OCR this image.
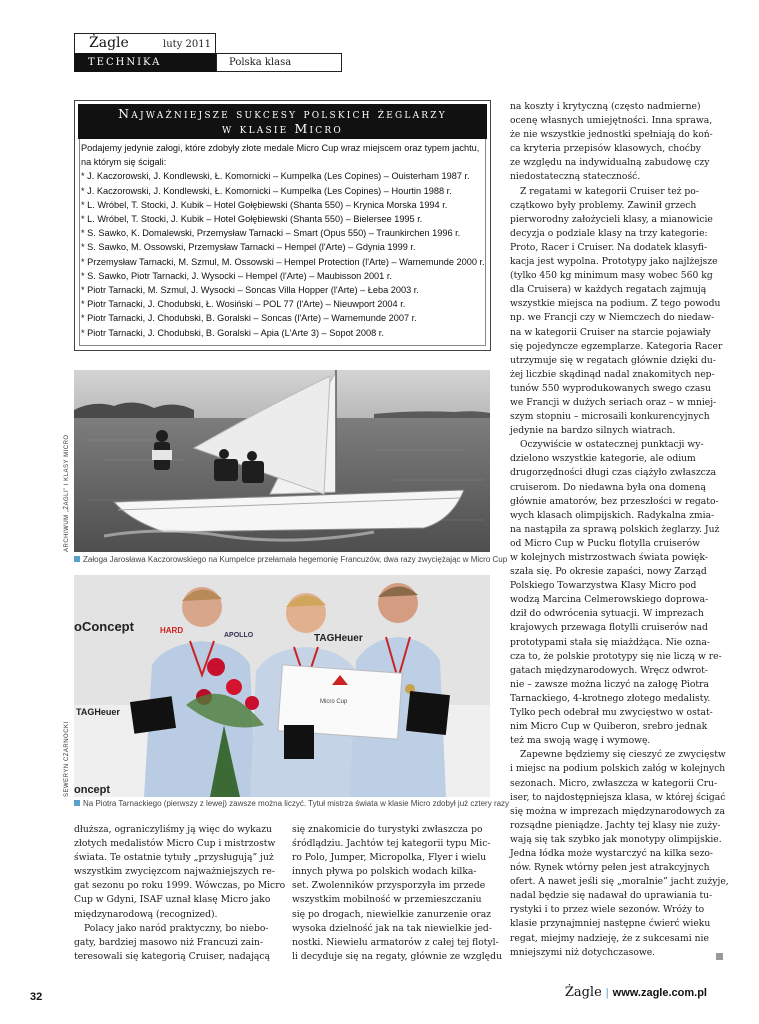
Żagle	luty 2011
TECHNIKA	Polska klasa
Najważniejsze sukcesy polskich żeglarzy
w klasie Micro
Podajemy jedynie załogi, które zdobyły złote medale Micro Cup wraz miejscem oraz typem jachtu,
na którym się ścigali:
* J. Kaczorowski, J. Kondlewski, Ł. Komornicki – Kumpelka (Les Copines) – Ouisterham 1987 r.
* J. Kaczorowski, J. Kondlewski, Ł. Komornicki – Kumpelka (Les Copines) – Hourtin 1988 r.
* L. Wróbel, T. Stocki, J. Kubik – Hotel Gołębiewski (Shanta 550) – Krynica Morska 1994 r.
* L. Wróbel, T. Stocki, J. Kubik – Hotel Gołębiewski (Shanta 550) – Bielersee 1995 r.
* S. Sawko, K. Domalewski, Przemysław Tarnacki – Smart (Opus 550) – Traunkirchen 1996 r.
* S. Sawko, M. Ossowski, Przemysław Tarnacki – Hempel (l'Arte) – Gdynia 1999 r.
* Przemysław Tarnacki, M. Szmul, M. Ossowski – Hempel Protection (l'Arte) – Warnemunde 2000 r.
* S. Sawko, Piotr Tarnacki, J. Wysocki – Hempel (l'Arte) – Maubisson 2001 r.
* Piotr Tarnacki, M. Szmul, J. Wysocki – Soncas Villa Hopper (l'Arte) – Łeba 2003 r.
* Piotr Tarnacki, J. Chodubski, Ł. Wosiński – POL 77 (l'Arte) – Nieuwport 2004 r.
* Piotr Tarnacki, J. Chodubski, B. Goralski – Soncas (l'Arte) – Warnemunde 2007 r.
* Piotr Tarnacki, J. Chodubski, B. Goralski – Apia (L'Arte 3) – Sopot 2008 r.
ARCHIWUM „ŻAGLI” I KLASY MICRO
Załoga Jarosława Kaczorowskiego na Kumpelce przełamała hegemonię Francuzów, dwa razy zwyciężając w Micro Cup
oConcept	HARD
APOLLO	TAGHeuer
TAGHeuer
oncept
Micro Cup
SEWERYN CZARNOCKI
Na Piotra Tarnackiego (pierwszy z lewej) zawsze można liczyć. Tytuł mistrza świata w klasie Micro zdobył już cztery razy
dłuższa, ograniczyliśmy ją więc do wykazu
złotych medalistów Micro Cup i mistrzostw
świata. Te ostatnie tytuły „przysługują” już
wszystkim zwycięzcom najważniejszych re-
gat sezonu po roku 1999. Wówczas, po Micro
Cup w Gdyni, ISAF uznał klasę Micro jako
międzynarodową (recognized).
Polacy jako naród praktyczny, bo niebo-
gaty, bardziej masowo niż Francuzi zain-
teresowali się kategorią Cruiser, nadającą
się znakomicie do turystyki zwłaszcza po
śródlądziu. Jachtów tej kategorii typu Mic-
ro Polo, Jumper, Micropolka, Flyer i wielu
innych pływa po polskich wodach kilka-
set. Zwolenników przysporzyła im przede
wszystkim mobilność w przemieszczaniu
się po drogach, niewielkie zanurzenie oraz
wysoka dzielność jak na tak niewielkie jed-
nostki. Niewielu armatorów z całej tej flotyl-
li decyduje się na regaty, głównie ze względu
na koszty i krytyczną (często nadmierne)
ocenę własnych umiejętności. Inna sprawa,
że nie wszystkie jednostki spełniają do koń-
ca kryteria przepisów klasowych, choćby
ze względu na indywidualną zabudowę czy
niedostateczną stateczność.
Z regatami w kategorii Cruiser też po-
czątkowo były problemy. Zawinił grzech
pierworodny założycieli klasy, a mianowicie
decyzja o podziale klasy na trzy kategorie:
Proto, Racer i Cruiser. Na dodatek klasyfi-
kacja jest wypolna. Prototypy jako najlżejsze
(tylko 450 kg minimum masy wobec 560 kg
dla Cruisera) w każdych regatach zajmują
wszystkie miejsca na podium. Z tego powodu
np. we Francji czy w Niemczech do niedaw-
na w kategorii Cruiser na starcie pojawiały
się pojedyncze egzemplarze. Kategoria Racer
utrzymuje się w regatach głównie dzięki du-
żej liczbie skądinąd nadal znakomitych nep-
tunów 550 wyprodukowanych swego czasu
we Francji w dużych seriach oraz – w mniej-
szym stopniu – microsaili konkurencyjnych
jedynie na bardzo silnych wiatrach.
Oczywiście w ostatecznej punktacji wy-
dzielono wszystkie kategorie, ale odium
drugorzędności długi czas ciążyło zwłaszcza
cruiserom. Do niedawna była ona domeną
głównie amatorów, bez przeszłości w regato-
wych klasach olimpijskich. Radykalna zmia-
na nastąpiła za sprawą polskich żeglarzy. Już
od Micro Cup w Pucku flotylla cruiserów
w kolejnych mistrzostwach świata powięk-
szała się. Po okresie zapaści, nowy Zarząd
Polskiego Towarzystwa Klasy Micro pod
wodzą Marcina Celmerowskiego doprowa-
dził do odwrócenia sytuacji. W imprezach
krajowych przewaga flotylli cruiserów nad
prototypami stała się miażdżąca. Nie ozna-
cza to, że polskie prototypy się nie liczą w re-
gatach międzynarodowych. Wręcz odwrot-
nie – zawsze można liczyć na załogę Piotra
Tarnackiego, 4-krotnego złotego medalisty.
Tylko pech odebrał mu zwycięstwo w ostat-
nim Micro Cup w Quiberon, srebro jednak
też ma swoją wagę i wymowę.
Zapewne będziemy się cieszyć ze zwycięstw
i miejsc na podium polskich załóg w kolejnych
sezonach. Micro, zwłaszcza w kategorii Cru-
iser, to najdostępniejsza klasa, w której ścigać
się można w imprezach międzynarodowych za
rozsądne pieniądze. Jachty tej klasy nie zuży-
wają się tak szybko jak monotypy olimpijskie.
Jedna łódka może wystarczyć na kilka sezo-
nów. Rynek wtórny pełen jest atrakcyjnych
ofert. A nawet jeśli się „moralnie” jacht zużyje,
nadal będzie się nadawał do uprawiania tu-
rystyki i to przez wiele sezonów. Wróży to
klasie przynajmniej następne ćwierć wieku
regat, miejmy nadzieję, że z sukcesami nie
mniejszymi niż dotychczasowe.
32	Żagle | www.zagle.com.pl
